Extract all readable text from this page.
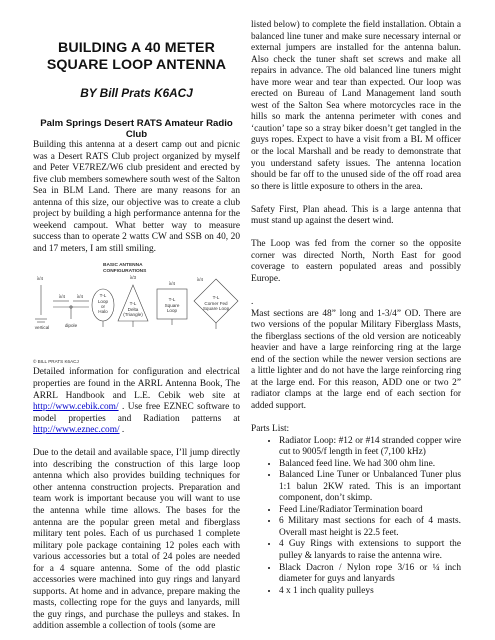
BUILDING A 40 METER SQUARE LOOP ANTENNA
BY Bill Prats K6ACJ
Palm Springs Desert RATS Amateur Radio Club

Building this antenna at a desert camp out and picnic was a Desert RATS Club project organized by myself and Peter VE7REZ/W6 club president and erected by five club members somewhere south west of the Salton Sea in BLM Land. There are many reasons for an antenna of this size, our objective was to create a club project by building a high performance antenna for the weekend campout. What better way to measure success than to operate 2 watts CW and SSB on 40, 20 and 17 meters, I am still smiling.

BASIC ANTENNA CONFIGURATIONS
λ/4
λ/4	λ/4
vertical	dipole
T-L
Loop
or
Halo
λ/3
T-L
Delta
(Triangle)
λ/4
T-L
Square
Loop
T-L
Corner Fed
Square Loop
λ/4
© BILL PRATS K6ACJ

Detailed information for configuration and electrical properties are found in the ARRL Antenna Book, The ARRL Handbook and L.E. Cebik web site at http://www.cebik.com/ . Use free EZNEC software to model properties and Radiation patterns at http://www.eznec.com/ .

Due to the detail and available space, I’ll jump directly into describing the construction of this large loop antenna which also provides building techniques for other antenna construction projects. Preparation and team work is important because you will want to use the antenna while time allows. The bases for the antenna are the popular green metal and fiberglass military tent poles. Each of us purchased 1 complete military pole package containing 12 poles each with various accessories but a total of 24 poles are needed for a 4 square antenna. Some of the odd plastic accessories were machined into guy rings and lanyard supports. At home and in advance, prepare making the masts, collecting rope for the guys and lanyards, mill the guy rings, and purchase the pulleys and stakes. In addition assemble a collection of tools (some are

listed below) to complete the field installation. Obtain a balanced line tuner and make sure necessary internal or external jumpers are installed for the antenna balun. Also check the tuner shaft set screws and make all repairs in advance. The old balanced line tuners might have more wear and tear than expected. Our loop was erected on Bureau of Land Management land south west of the Salton Sea where motorcycles race in the hills so mark the antenna perimeter with cones and ‘caution’ tape so a stray biker doesn’t get tangled in the guys ropes. Expect to have a visit from a BL M officer or the local Marshall and be ready to demonstrate that you understand safety issues. The antenna location should be far off to the unused side of the off road area so there is little exposure to others in the area.

Safety First, Plan ahead. This is a large antenna that must stand up against the desert wind.

The Loop was fed from the corner so the opposite corner was directed North, North East for good coverage to eastern populated areas and possibly Europe.

.

Mast sections are 48” long and 1-3/4” OD. There are two versions of the popular Military Fiberglass Masts, the fiberglass sections of the old version are noticeably heavier and have a large reinforcing ring at the large end of the section while the newer version sections are a little lighter and do not have the large reinforcing ring at the large end. For this reason, ADD one or two 2” radiator clamps at the large end of each section for added support.

Parts List:

• Radiator Loop: #12 or #14 stranded copper wire cut to 9005/f length in feet (7,100 kHz)
• Balanced feed line. We had 300 ohm line.
• Balanced Line Tuner or Unbalanced Tuner plus 1:1 balun 2KW rated. This is an important component, don’t skimp.
• Feed Line/Radiator Termination board
• 6 Military mast sections for each of 4 masts. Overall mast height is 22.5 feet.
• 4 Guy Rings with extensions to support the pulley & lanyards to raise the antenna wire.
• Black Dacron / Nylon rope 3/16 or ¼ inch diameter for guys and lanyards
• 4 x 1 inch quality pulleys
